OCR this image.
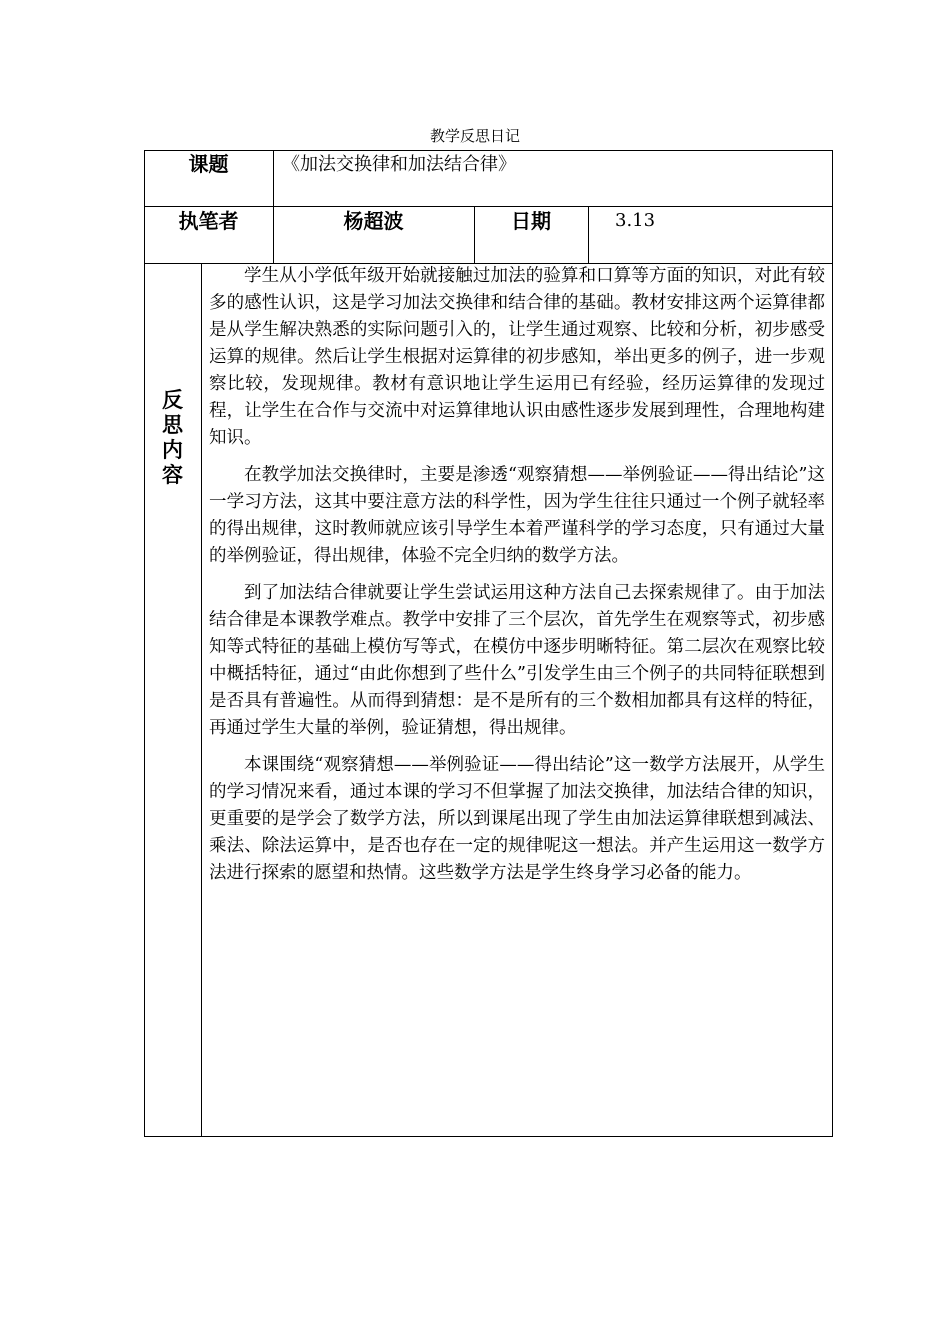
教学反思日记
课题	《加法交换律和加法结合律》
执笔者	杨超波	日期	3.13
反
思
内
容

学生从小学低年级开始就接触过加法的验算和口算等方面的知识，对此有较多的感性认识，这是学习加法交换律和结合律的基础。教材安排这两个运算律都是从学生解决熟悉的实际问题引入的，让学生通过观察、比较和分析，初步感受运算的规律。然后让学生根据对运算律的初步感知，举出更多的例子，进一步观察比较，发现规律。教材有意识地让学生运用已有经验，经历运算律的发现过程，让学生在合作与交流中对运算律地认识由感性逐步发展到理性，合理地构建知识。

在教学加法交换律时，主要是渗透“观察猜想——举例验证——得出结论”这一学习方法，这其中要注意方法的科学性，因为学生往往只通过一个例子就轻率的得出规律，这时教师就应该引导学生本着严谨科学的学习态度，只有通过大量的举例验证，得出规律，体验不完全归纳的数学方法。

到了加法结合律就要让学生尝试运用这种方法自己去探索规律了。由于加法结合律是本课教学难点。教学中安排了三个层次，首先学生在观察等式，初步感知等式特征的基础上模仿写等式，在模仿中逐步明晰特征。第二层次在观察比较中概括特征，通过“由此你想到了些什么”引发学生由三个例子的共同特征联想到是否具有普遍性。从而得到猜想：是不是所有的三个数相加都具有这样的特征，再通过学生大量的举例，验证猜想，得出规律。

本课围绕“观察猜想——举例验证——得出结论”这一数学方法展开，从学生的学习情况来看，通过本课的学习不但掌握了加法交换律，加法结合律的知识，更重要的是学会了数学方法，所以到课尾出现了学生由加法运算律联想到减法、乘法、除法运算中，是否也存在一定的规律呢这一想法。并产生运用这一数学方法进行探索的愿望和热情。这些数学方法是学生终身学习必备的能力。
